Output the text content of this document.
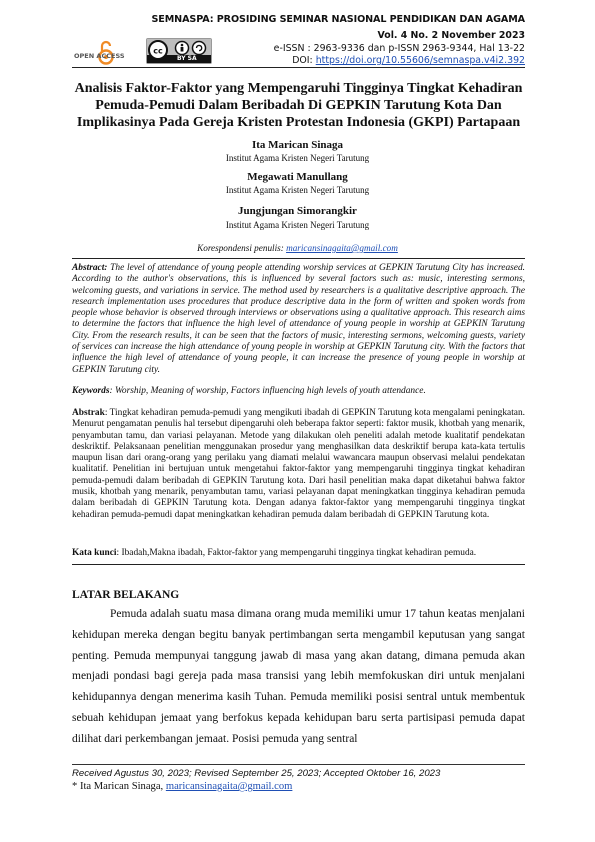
SEMNASPA: PROSIDING SEMINAR NASIONAL PENDIDIKAN DAN AGAMA
OPEN ACCESS
cc
BY SA
Vol. 4 No. 2 November 2023
e-ISSN : 2963-9336 dan p-ISSN 2963-9344, Hal 13-22
DOI: https://doi.org/10.55606/semnaspa.v4i2.392
Analisis Faktor-Faktor yang Mempengaruhi Tingginya Tingkat Kehadiran Pemuda-Pemudi Dalam Beribadah Di GEPKIN Tarutung Kota Dan Implikasinya Pada Gereja Kristen Protestan Indonesia (GKPI) Partapaan
Ita Marican Sinaga
Institut Agama Kristen Negeri Tarutung
Megawati Manullang
Institut Agama Kristen Negeri Tarutung
Jungjungan Simorangkir
Institut Agama Kristen Negeri Tarutung
Korespondensi penulis: maricansinagaita@gmail.com
Abstract: The level of attendance of young people attending worship services at GEPKIN Tarutung City has increased. According to the author's observations, this is influenced by several factors such as: music, interesting sermons, welcoming guests, and variations in service. The method used by researchers is a qualitative descriptive approach. The research implementation uses procedures that produce descriptive data in the form of written and spoken words from people whose behavior is observed through interviews or observations using a qualitative approach. This research aims to determine the factors that influence the high level of attendance of young people in worship at GEPKIN Tarutung City. From the research results, it can be seen that the factors of music, interesting sermons, welcoming guests, variety of services can increase the high attendance of young people in worship at GEPKIN Tarutung city. With the factors that influence the high level of attendance of young people, it can increase the presence of young people in worship at GEPKIN Tarutung city.
Keywords: Worship, Meaning of worship, Factors influencing high levels of youth attendance.
Abstrak: Tingkat kehadiran pemuda-pemudi yang mengikuti ibadah di GEPKIN Tarutung kota mengalami peningkatan. Menurut pengamatan penulis hal tersebut dipengaruhi oleh beberapa faktor seperti: faktor musik, khotbah yang menarik, penyambutan tamu, dan variasi pelayanan. Metode yang dilakukan oleh peneliti adalah metode kualitatif pendekatan deskriktif. Pelaksanaan penelitian menggunakan prosedur yang menghasilkan data deskriktif berupa kata-kata tertulis maupun lisan dari orang-orang yang perilaku yang diamati melalui wawancara maupun observasi melalui pendekatan kualitatif. Penelitian ini bertujuan untuk mengetahui faktor-faktor yang mempengaruhi tingginya tingkat kehadiran pemuda-pemudi dalam beribadah di GEPKIN Tarutung kota. Dari hasil penelitian maka dapat diketahui bahwa faktor musik, khotbah yang menarik, penyambutan tamu, variasi pelayanan dapat meningkatkan tingginya kehadiran pemuda dalam beribadah di GEPKIN Tarutung kota. Dengan adanya faktor-faktor yang mempengaruhi tingginya tingkat kehadiran pemuda-pemudi dapat meningkatkan kehadiran pemuda dalam beribadah di GEPKIN Tarutung kota.
Kata kunci: Ibadah,Makna ibadah, Faktor-faktor yang mempengaruhi tingginya tingkat kehadiran pemuda.
LATAR BELAKANG
Pemuda adalah suatu masa dimana orang muda memiliki umur 17 tahun keatas menjalani kehidupan mereka dengan begitu banyak pertimbangan serta mengambil keputusan yang sangat penting. Pemuda mempunyai tanggung jawab di masa yang akan datang, dimana pemuda akan menjadi pondasi bagi gereja pada masa transisi yang lebih memfokuskan diri untuk menjalani kehidupannya dengan menerima kasih Tuhan. Pemuda memiliki posisi sentral untuk membentuk sebuah kehidupan jemaat yang berfokus kepada kehidupan baru serta partisipasi pemuda dapat dilihat dari perkembangan jemaat. Posisi pemuda yang sentral
Received Agustus 30, 2023; Revised September 25, 2023; Accepted Oktober 16, 2023
* Ita Marican Sinaga, maricansinagaita@gmail.com
